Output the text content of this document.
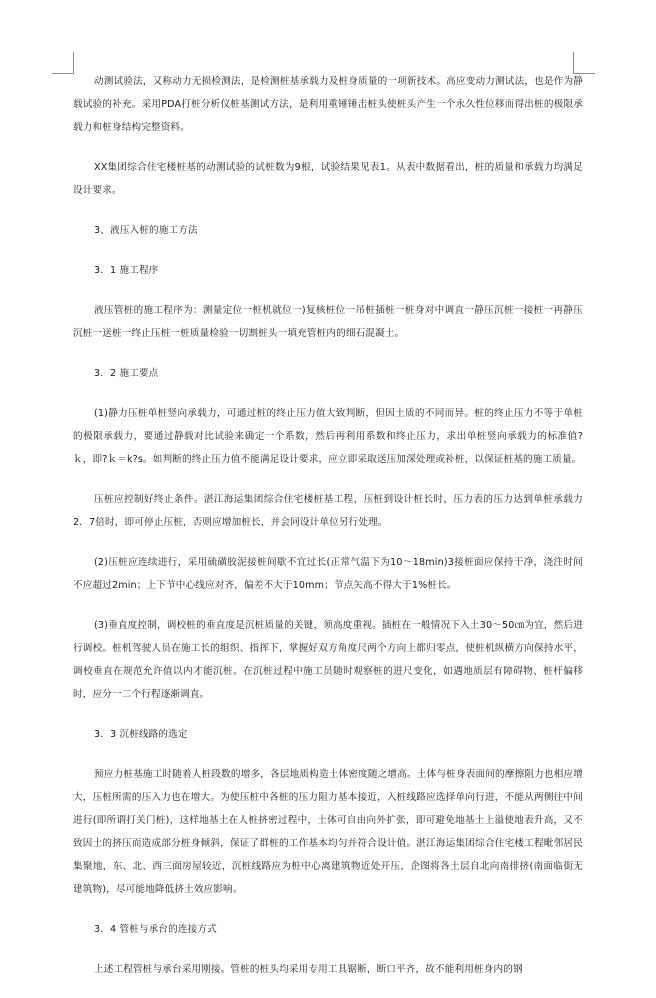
动测试验法，又称动力无损检测法，是检测桩基承载力及桩身质量的一项新技术。高应变动力测试法，也是作为静载试验的补充。采用PDA打桩分析仪桩基测试方法，是利用重锤锤击桩头使桩头产生一个永久性位移而得出桩的极限承载力和桩身结构完整资料。

XX集团综合住宅楼桩基的动测试验的试桩数为9根，试验结果见表1。从表中数据看出，桩的质量和承载力均满足设计要求。

3、液压入桩的施工方法

3．1 施工程序

液压管桩的施工程序为：测量定位一桩机就位一)复核桩位一吊桩插桩一桩身对中调直一静压沉桩一接桩一再静压沉桩一送桩一终止压桩一桩质量检验一切割桩头一填充管桩内的细石混凝土。

3．2 施工要点

(1)静力压桩单桩竖向承载力，可通过桩的终止压力值大致判断，但因土质的不同而异。桩的终止压力不等于单桩的极限承载力，要通过静载对比试验来确定一个系数，然后再利用系数和终止压力，求出单桩竖向承载力的标准值?ｋ，即?ｋ＝k?s。如判断的终止压力值不能满足设计要求，应立即采取送压加深处理或补桩，以保证桩基的施工质量。

压桩应控制好终止条件。湛江海运集团综合住宅楼桩基工程，压桩到设计桩长时，压力表的压力达到单桩承载力2．7倍时，即可停止压桩，否则应增加桩长，并会同设计单位另行处理。

(2)压桩应连续进行，采用硫磺胶泥接桩间歇不宜过长(正常气温下为10～18min)3接桩面应保持干净，浇注时间不应超过2min；上下节中心线应对齐，偏差不大于10mm；节点矢高不得大于1%桩长。

(3)垂直度控制，调校桩的垂直度是沉桩质量的关键，须高度重视。插桩在一般情况下入土30～50㎝为宜，然后进行调校。桩机驾驶人员在施工长的组织、指挥下，掌握好双方角度尺两个方向上都归零点，使桩机纵横方向保持水平，调校垂直在规范允许值以内才能沉桩。在沉桩过程中施工员随时观察桩的进尺变化，如遇地质层有障碍物、桩杆偏移时，应分一二个行程逐渐调直。

3．3 沉桩线路的选定

预应力桩基施工时随着人桩段数的增多，各层地质构造土体密度随之增高。土体与桩身表面间的摩擦阻力也相应增大，压桩所需的压入力也在增大。为使压桩中各桩的压力阻力基本接近，入桩线路应选择单向行进，不能从两侧往中间进行(即所谓打关门桩)，这样地基土在人桩挤密过程中，土体可自由向外扩张，即可避免地基土上溢使地表升高，又不致因土的挤压而造成部分桩身倾斜，保证了群桩的工作基本均匀并符合设计值。湛江海运集团综合住宅楼工程毗邻居民集聚地，东、北、西三面房屋较近，沉桩线路应为桩中心离建筑物近处开压，企图将各土层自北向南排挤(南面临街无建筑物)，尽可能地降低挤土效应影响。

3．4 管桩与承台的连接方式

上述工程管桩与承台采用刚接。管桩的桩头均采用专用工具锯断，断口平齐，故不能利用桩身内的钢
